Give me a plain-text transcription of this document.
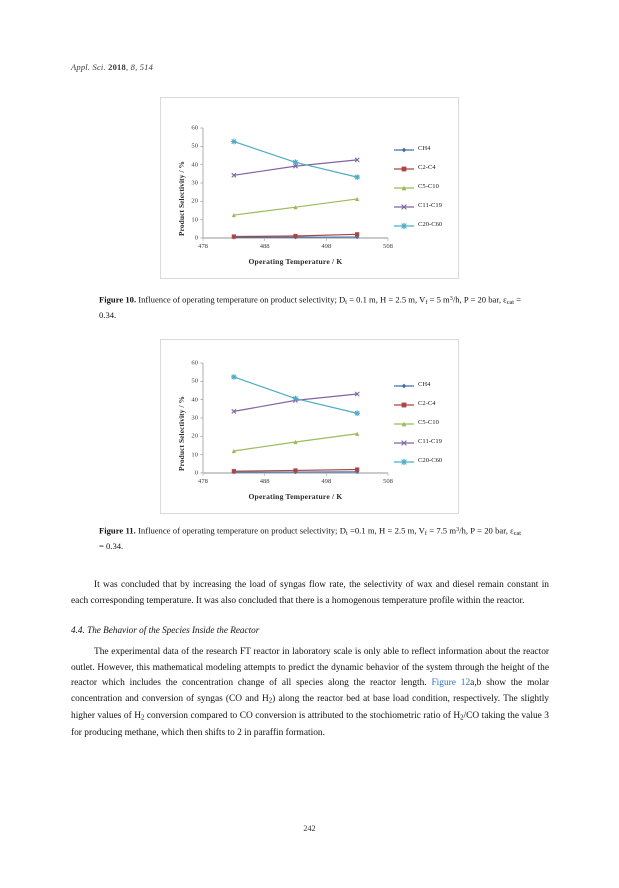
Appl. Sci. 2018, 8, 514
Product Selectivity / %
Operating Temperature / K
0
10
20
30
40
50
60
478	488	498	508
CH4
C2-C4
C5-C10
C11-C19
C20-C60
Figure 10. Influence of operating temperature on product selectivity; $D_t = 0.1$ m, H = 2.5 m, $V_f = 5$ $m^3/h$, P = 20 bar, $\varepsilon_{cat} = 0.34$.
Product Selectivity / %
Operating Temperature / K
0
10
20
30
40
50
60
478	488	498	508
CH4
C2-C4
C5-C10
C11-C19
C20-C60
Figure 11. Influence of operating temperature on product selectivity; $D_t =0.1$ m, H = 2.5 m, $V_f = 7.5$ $m^3/h$, P = 20 bar, $\varepsilon_{cat} = 0.34$.
It was concluded that by increasing the load of syngas flow rate, the selectivity of wax and diesel remain constant in each corresponding temperature. It was also concluded that there is a homogenous temperature profile within the reactor.
4.4. The Behavior of the Species Inside the Reactor
The experimental data of the research FT reactor in laboratory scale is only able to reflect information about the reactor outlet. However, this mathematical modeling attempts to predict the dynamic behavior of the system through the height of the reactor which includes the concentration change of all species along the reactor length. Figure 12a,b show the molar concentration and conversion of syngas (CO and $H_2$) along the reactor bed at base load condition, respectively. The slightly higher values of $H_2$ conversion compared to CO conversion is attributed to the stochiometric ratio of $H_2/CO$ taking the value 3 for producing methane, which then shifts to 2 in paraffin formation.
242
